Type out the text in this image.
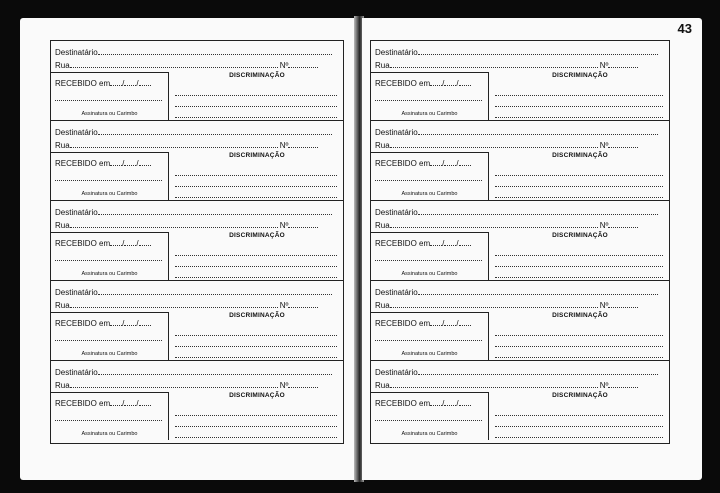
Destinatário
Rua	Nº
RECEBIDO em / /
Assinatura ou Carimbo
DISCRIMINAÇÃO
Destinatário
Rua	Nº
RECEBIDO em / /
Assinatura ou Carimbo
DISCRIMINAÇÃO
Destinatário
Rua	Nº
RECEBIDO em / /
Assinatura ou Carimbo
DISCRIMINAÇÃO
Destinatário
Rua	Nº
RECEBIDO em / /
Assinatura ou Carimbo
DISCRIMINAÇÃO
Destinatário
Rua	Nº
RECEBIDO em / /
Assinatura ou Carimbo
DISCRIMINAÇÃO
43
Destinatário
Rua	Nº
RECEBIDO em / /
Assinatura ou Carimbo
DISCRIMINAÇÃO
Destinatário
Rua	Nº
RECEBIDO em / /
Assinatura ou Carimbo
DISCRIMINAÇÃO
Destinatário
Rua	Nº
RECEBIDO em / /
Assinatura ou Carimbo
DISCRIMINAÇÃO
Destinatário
Rua	Nº
RECEBIDO em / /
Assinatura ou Carimbo
DISCRIMINAÇÃO
Destinatário
Rua	Nº
RECEBIDO em / /
Assinatura ou Carimbo
DISCRIMINAÇÃO
